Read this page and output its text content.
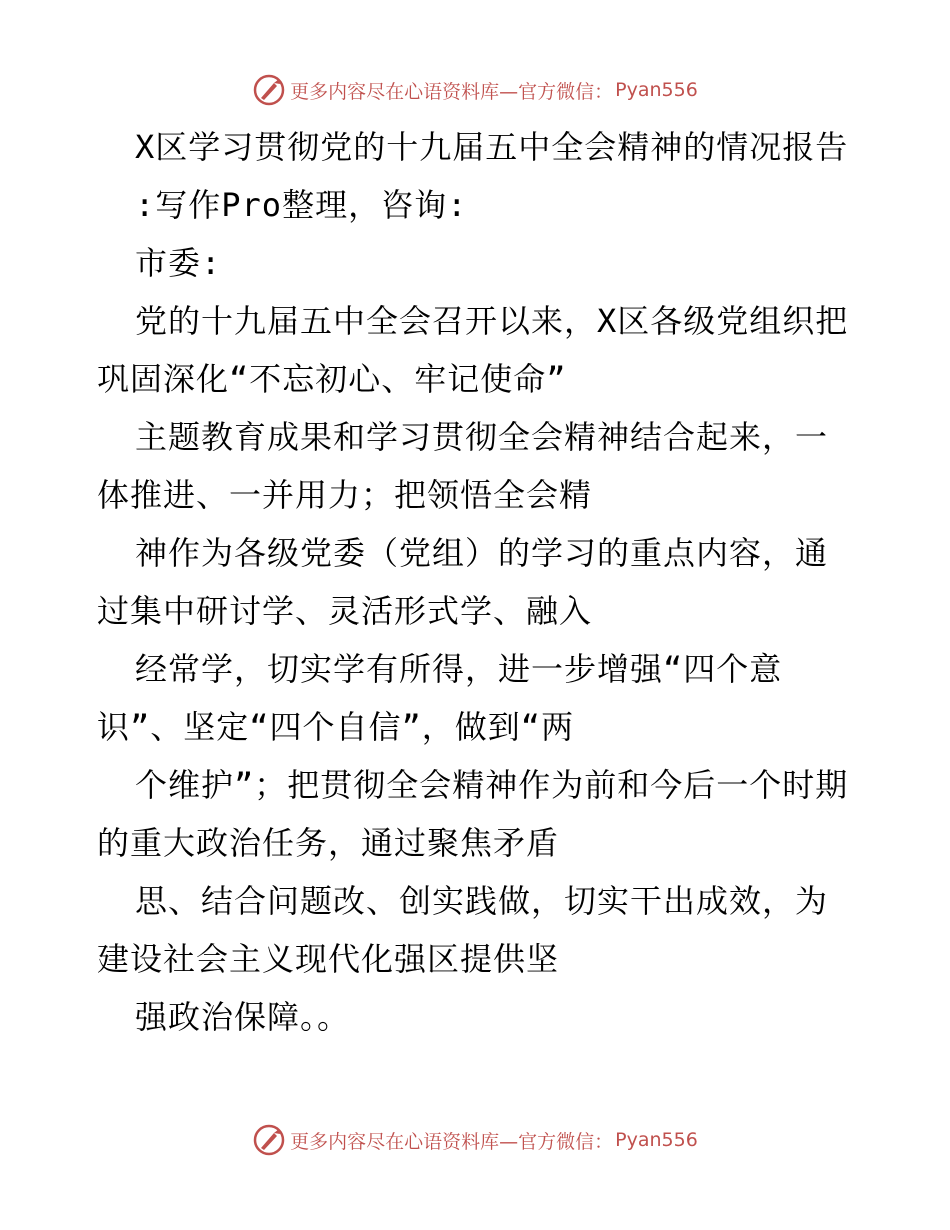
更多内容尽在心语资料库—官方微信： Pyan556

X区学习贯彻党的十九届五中全会精神的情况报告

:写作Pro整理，咨询:

市委:

党的十九届五中全会召开以来，X区各级党组织把巩固深化“不忘初心、牢记使命”

主题教育成果和学习贯彻全会精神结合起来，一体推进、一并用力；把领悟全会精

神作为各级党委（党组）的学习的重点内容，通过集中研讨学、灵活形式学、融入

经常学，切实学有所得，进一步增强“四个意识”、坚定“四个自信”，做到“两

个维护”；把贯彻全会精神作为前和今后一个时期的重大政治任务，通过聚焦矛盾

思、结合问题改、创实践做，切实干出成效，为建设社会主义现代化强区提供坚

强政治保障。。

更多内容尽在心语资料库—官方微信： Pyan556
